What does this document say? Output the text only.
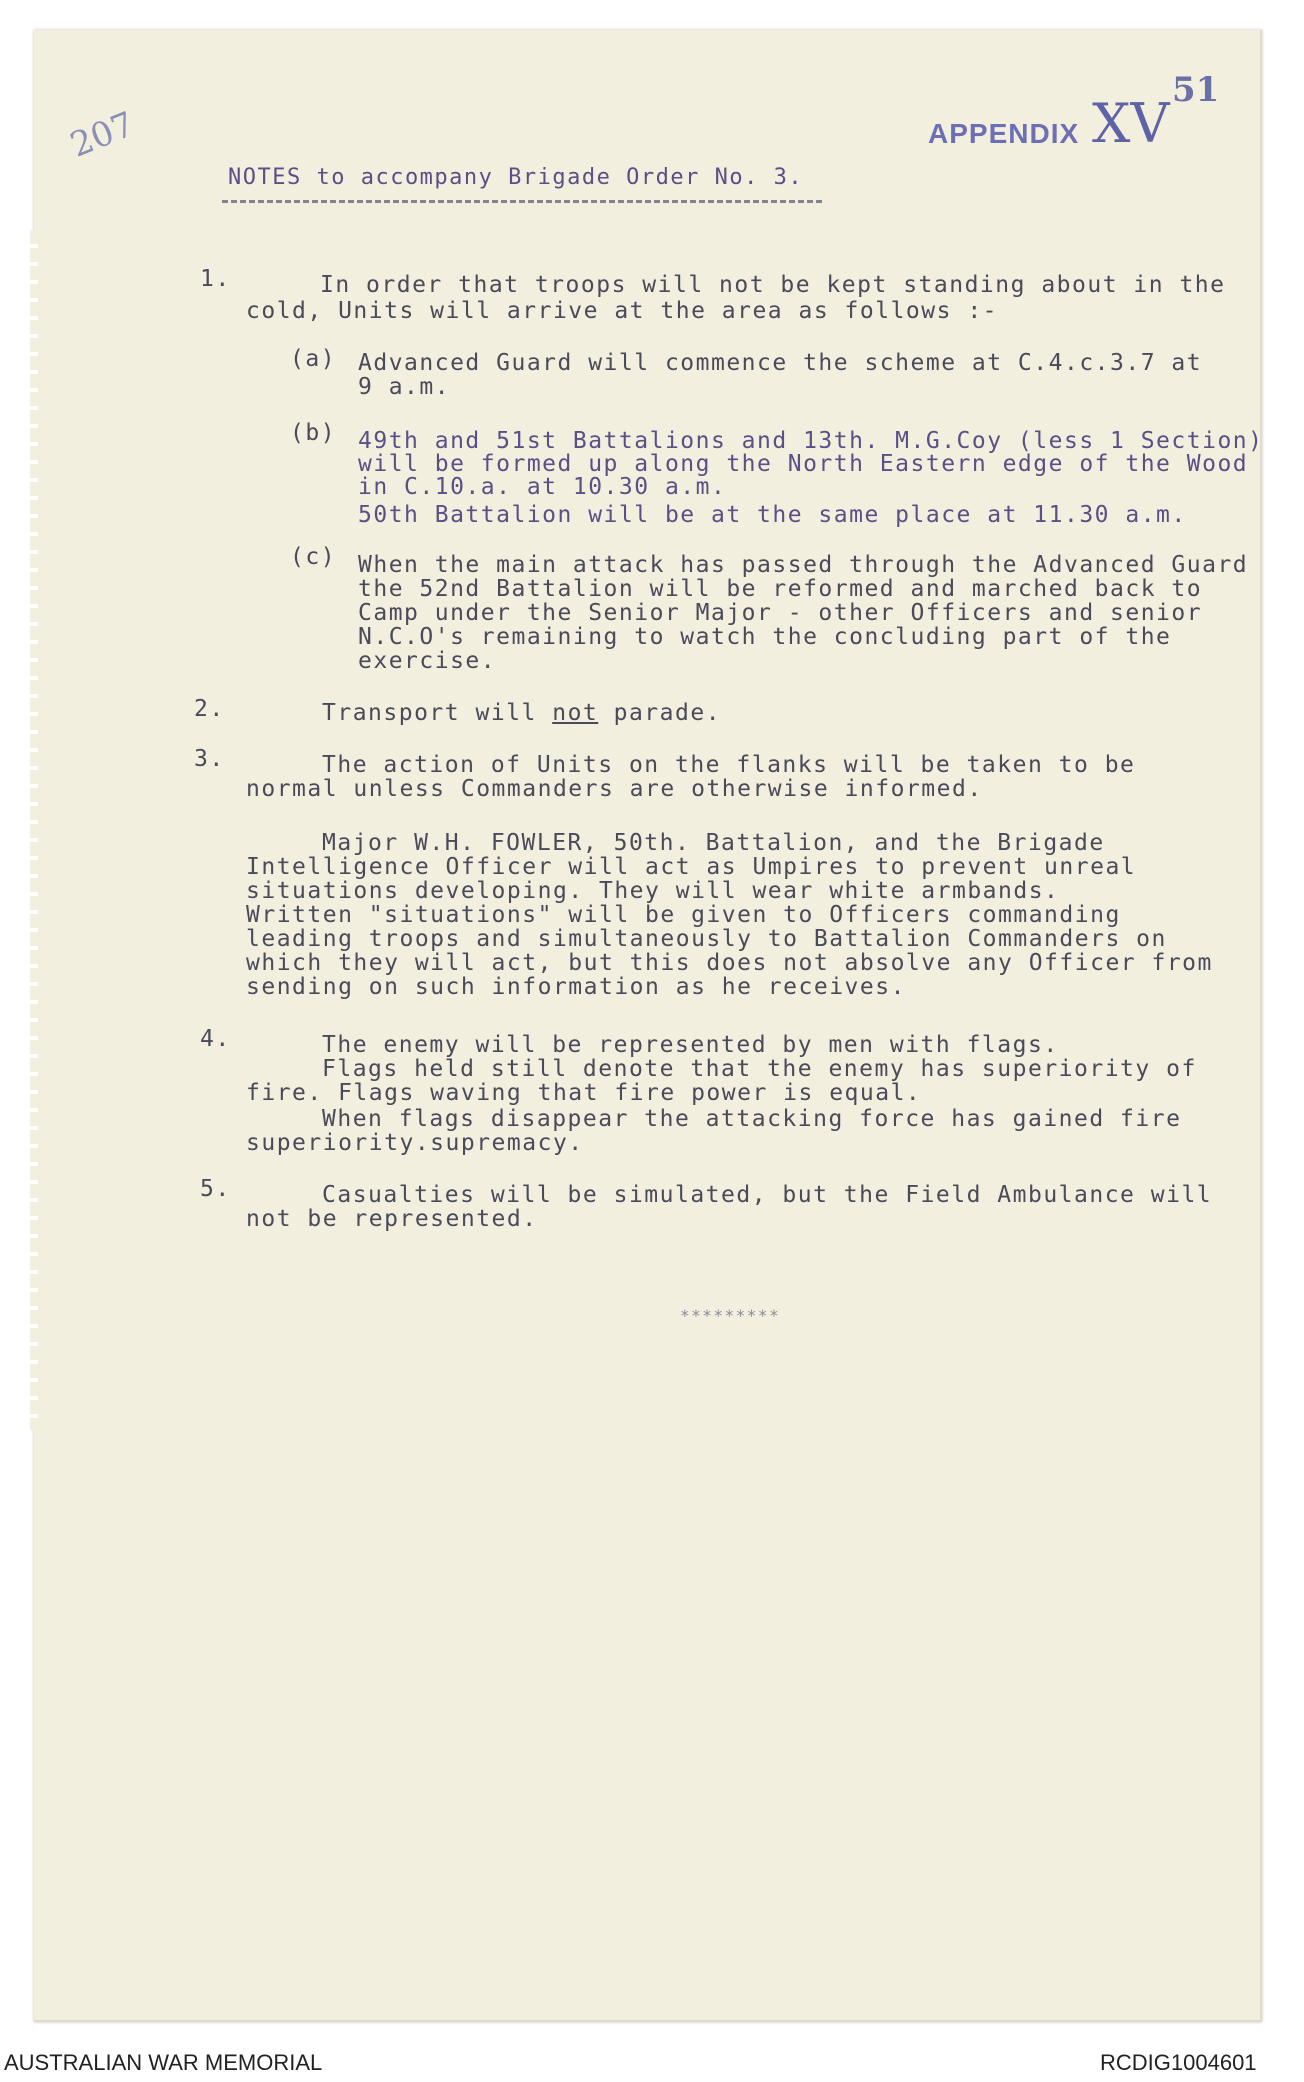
51
207	APPENDIX XV
NOTES to accompany Brigade Order No. 3.
1.	In order that troops will not be kept standing about in the
cold, Units will arrive at the area as follows :-
(a) Advanced Guard will commence the scheme at C.4.c.3.7 at
9 a.m.
(b) 49th and 51st Battalions and 13th. M.G.Coy (less 1 Section)
will be formed up along the North Eastern edge of the Wood
in C.10.a. at 10.30 a.m.
50th Battalion will be at the same place at 11.30 a.m.
(c) When the main attack has passed through the Advanced Guard
the 52nd Battalion will be reformed and marched back to
Camp under the Senior Major - other Officers and senior
N.C.O's remaining to watch the concluding part of the
exercise.
2.	Transport will not parade.
3.	The action of Units on the flanks will be taken to be
normal unless Commanders are otherwise informed.
Major W.H. FOWLER, 50th. Battalion, and the Brigade
Intelligence Officer will act as Umpires to prevent unreal
situations developing. They will wear white armbands.
Written "situations" will be given to Officers commanding
leading troops and simultaneously to Battalion Commanders on
which they will act, but this does not absolve any Officer from
sending on such information as he receives.
4.	The enemy will be represented by men with flags.
Flags held still denote that the enemy has superiority of
fire. Flags waving that fire power is equal.
When flags disappear the attacking force has gained fire
superiority.supremacy.
5.	Casualties will be simulated, but the Field Ambulance will
not be represented.
*********
AUSTRALIAN WAR MEMORIAL	RCDIG1004601
